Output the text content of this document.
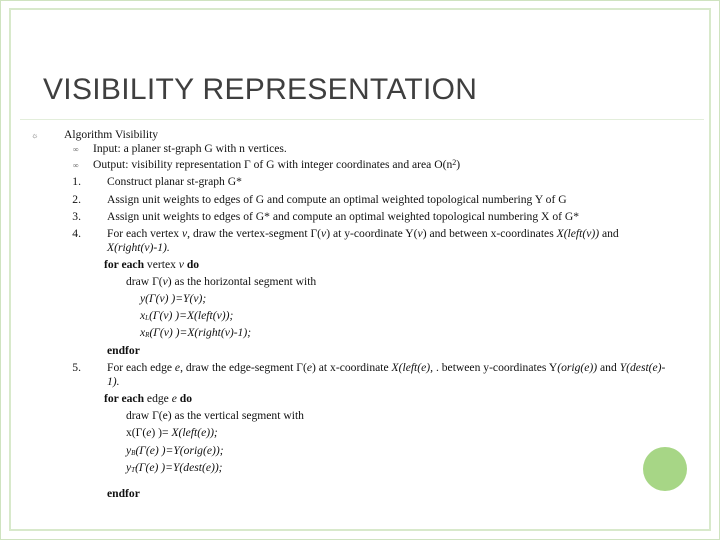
VISIBILITY REPRESENTATION
☼ Algorithm Visibility
∞ Input: a planer st-graph G with n vertices.
∞ Output: visibility representation Γ of G with integer coordinates and area $O(n^2)$
1. Construct planar st-graph G*
2. Assign unit weights to edges of G and compute an optimal weighted topological numbering Y of G
3. Assign unit weights to edges of G* and compute an optimal weighted topological numbering X of G*
4. For each vertex v, draw the vertex-segment Γ(v) at y-coordinate Y(v) and between x-coordinates X(left(v)) and
X(right(v)-1).
for each vertex v do
draw Γ(v) as the horizontal segment with
y(Γ(v) )=Y(v);
$x_L(\Gamma(v)$ )=X(left(v));
$x_R(\Gamma(v)$ )=X(right(v)-1);
endfor
5. For each edge e, draw the edge-segment Γ(e) at x-coordinate X(left(e), . between y-coordinates Y(orig(e)) and Y(dest(e)-
1).
for each edge e do
draw Γ(e) as the vertical segment with
x(Γ(e) )= X(left(e));
$y_B(\Gamma(e)$ )=Y(orig(e));
$y_T(\Gamma(e)$ )=Y(dest(e));
endfor
